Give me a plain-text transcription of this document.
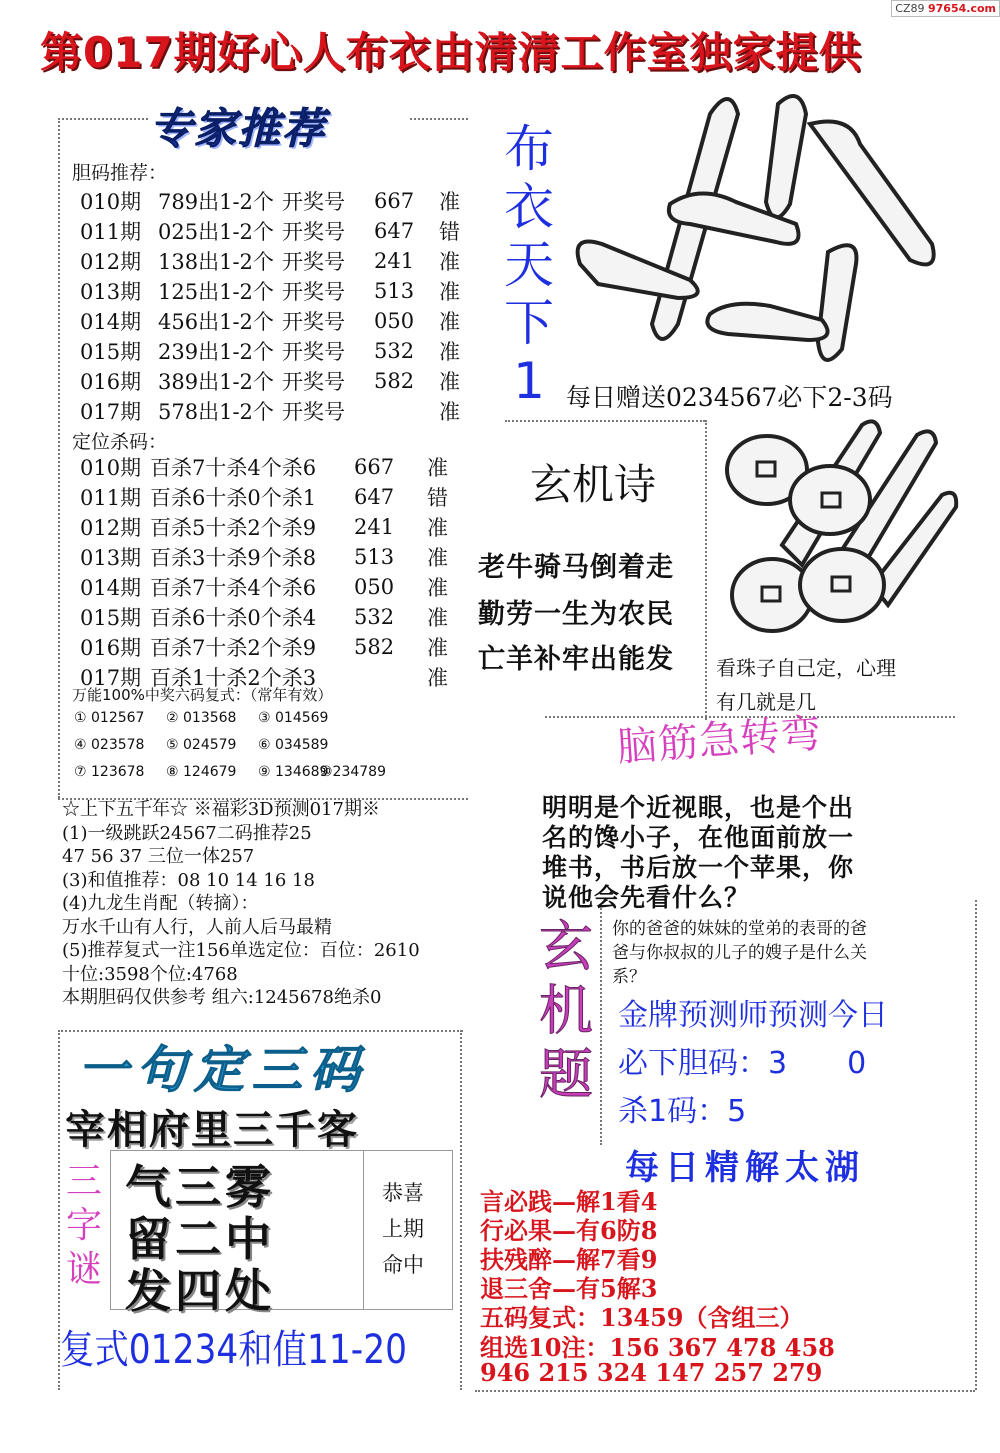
第017期好心人布衣由清清工作室独家提供
CZ89 97654.com
专家推荐
胆码推荐：
010期	789出1-2个	开奖号	667	准
011期	025出1-2个	开奖号	647	错
012期	138出1-2个	开奖号	241	准
013期	125出1-2个	开奖号	513	准
014期	456出1-2个	开奖号	050	准
015期	239出1-2个	开奖号	532	准
016期	389出1-2个	开奖号	582	准
017期	578出1-2个	开奖号		准
定位杀码：
010期	百杀7十杀4个杀6	667	准
011期	百杀6十杀0个杀1	647	错
012期	百杀5十杀2个杀9	241	准
013期	百杀3十杀9个杀8	513	准
014期	百杀7十杀4个杀6	050	准
015期	百杀6十杀0个杀4	532	准
016期	百杀7十杀2个杀9	582	准
017期	百杀1十杀2个杀3		准
万能100%中奖六码复式：（常年有效）
① 012567 ② 013568 ③ 014569
④ 023578 ⑤ 024579 ⑥ 034589
⑦ 123678 ⑧ 124679 ⑨ 134689
⑩234789
☆上下五千年☆ ※福彩3D预测017期※
(1)一级跳跃24567二码推荐25
47 56 37 三位一体257
(3)和值推荐：08 10 14 16 18
(4)九龙生肖配（转摘）：
万水千山有人行，人前人后马最精
(5)推荐复式一注156单选定位：百位：2610
十位:3598个位:4768
本期胆码仅供参考 组六:1245678绝杀0
一句定三码
宰相府里三千客
三字谜
气三雾
留二中
发四处
恭喜
上期
命中
复式01234和值11-20
布
衣
天
下
1 每日赠送0234567必下2-3码
玄机诗
老牛骑马倒着走
勤劳一生为农民
亡羊补牢出能发 看珠子自己定，心理
有几就是几
脑筋急转弯
明明是个近视眼，也是个出
名的馋小子，在他面前放一
堆书，书后放一个苹果，你
说他会先看什么？
玄
机
题
你的爸爸的妹妹的堂弟的表哥的爸
爸与你叔叔的儿子的嫂子是什么关
系？
金牌预测师预测今日
必下胆码：3　　0
杀1码：5
每日精解太湖
言必践—解1看4
行必果—有6防8
扶残醉—解7看9
退三舍—有5解3
五码复式：13459（含组三）
组选10注：156 367 478 458
946 215 324 147 257 279
